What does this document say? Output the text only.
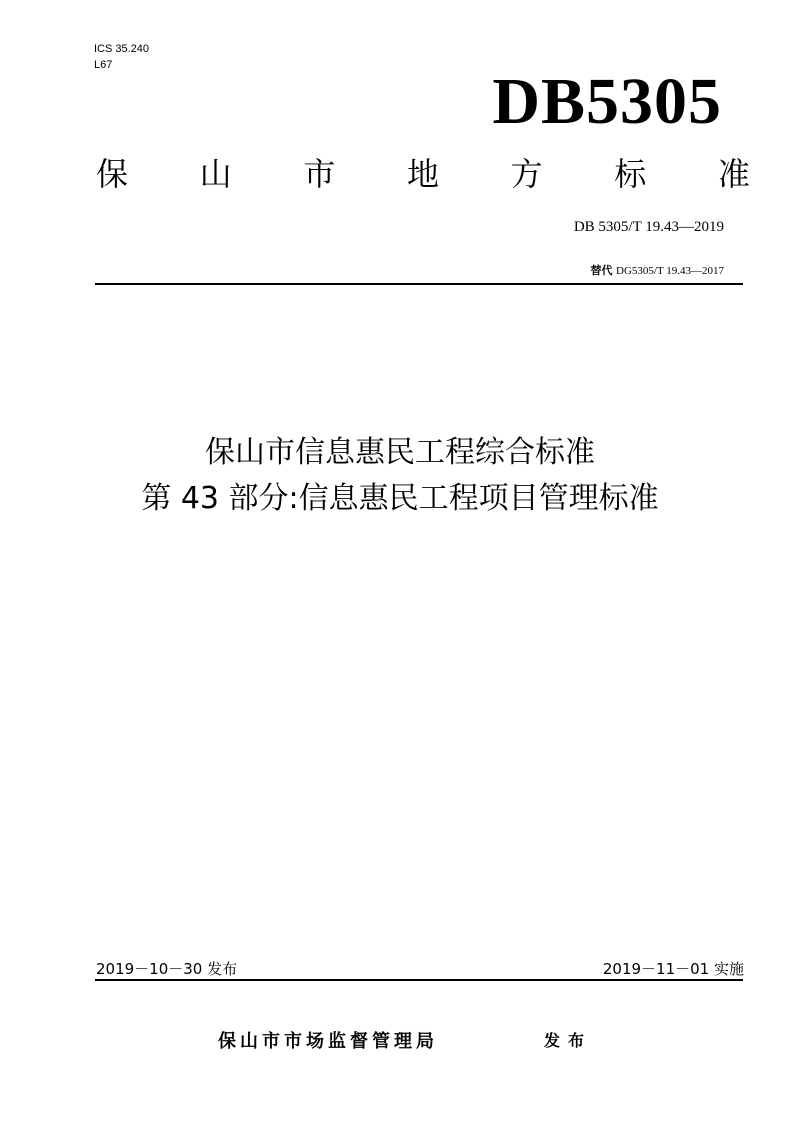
ICS 35.240
L67	DB5305
保 山 市 地 方 标 准
DB 5305/T 19.43—2019
替代 DG5305/T 19.43—2017
保山市信息惠民工程综合标准
第 43 部分:信息惠民工程项目管理标准
2019－10－30 发布	2019－11－01 实施
保山市市场监督管理局	发布
